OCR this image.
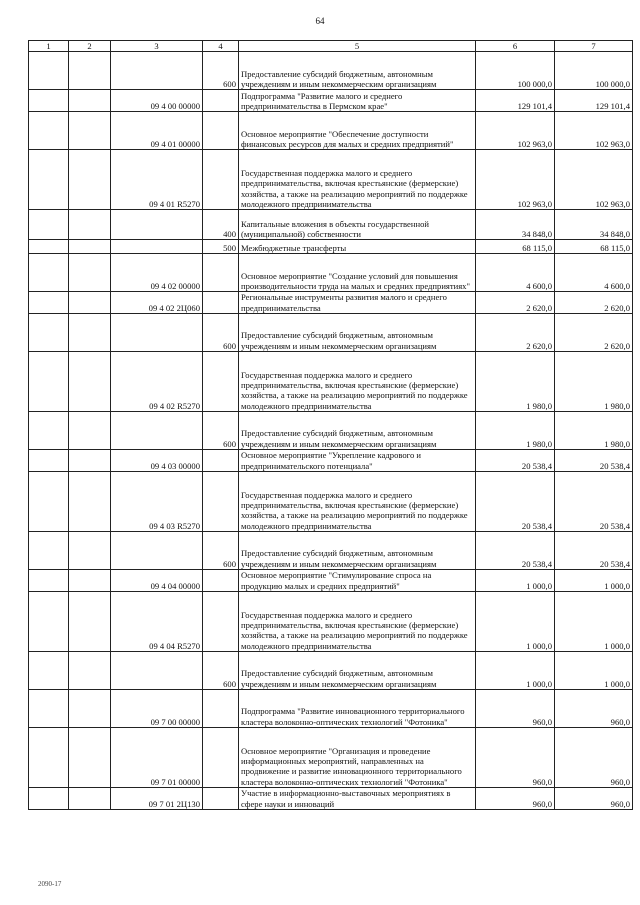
64
1	2	3	4	5	6	7
			600	Предоставление субсидий бюджетным, автономным учреждениям и иным некоммерческим организациям	100 000,0	100 000,0
		09 4 00 00000		Подпрограмма "Развитие малого и среднего предпринимательства в Пермском крае"	129 101,4	129 101,4
		09 4 01 00000		Основное мероприятие "Обеспечение доступности финансовых ресурсов для малых и средних предприятий"	102 963,0	102 963,0
		09 4 01 R5270		Государственная поддержка малого и среднего предпринимательства, включая крестьянские (фермерские) хозяйства, а также на реализацию мероприятий по поддержке молодежного предпринимательства	102 963,0	102 963,0
			400	Капитальные вложения в объекты государственной (муниципальной) собственности	34 848,0	34 848,0
			500	Межбюджетные трансферты	68 115,0	68 115,0
		09 4 02 00000		Основное мероприятие "Создание условий для повышения производительности труда на малых и средних предприятиях"	4 600,0	4 600,0
		09 4 02 2Ц060		Региональные инструменты развития малого и среднего предпринимательства	2 620,0	2 620,0
			600	Предоставление субсидий бюджетным, автономным учреждениям и иным некоммерческим организациям	2 620,0	2 620,0
		09 4 02 R5270		Государственная поддержка малого и среднего предпринимательства, включая крестьянские (фермерские) хозяйства, а также на реализацию мероприятий по поддержке молодежного предпринимательства	1 980,0	1 980,0
			600	Предоставление субсидий бюджетным, автономным учреждениям и иным некоммерческим организациям	1 980,0	1 980,0
		09 4 03 00000		Основное мероприятие "Укрепление кадрового и предпринимательского потенциала"	20 538,4	20 538,4
		09 4 03 R5270		Государственная поддержка малого и среднего предпринимательства, включая крестьянские (фермерские) хозяйства, а также на реализацию мероприятий по поддержке молодежного предпринимательства	20 538,4	20 538,4
			600	Предоставление субсидий бюджетным, автономным учреждениям и иным некоммерческим организациям	20 538,4	20 538,4
		09 4 04 00000		Основное мероприятие "Стимулирование спроса на продукцию малых и средних предприятий"	1 000,0	1 000,0
		09 4 04 R5270		Государственная поддержка малого и среднего предпринимательства, включая крестьянские (фермерские) хозяйства, а также на реализацию мероприятий по поддержке молодежного предпринимательства	1 000,0	1 000,0
			600	Предоставление субсидий бюджетным, автономным учреждениям и иным некоммерческим организациям	1 000,0	1 000,0
		09 7 00 00000		Подпрограмма "Развитие инновационного территориального кластера волоконно-оптических технологий "Фотоника"	960,0	960,0
		09 7 01 00000		Основное мероприятие "Организация и проведение информационных мероприятий, направленных на продвижение и развитие инновационного территориального кластера волоконно-оптических технологий "Фотоника"	960,0	960,0
		09 7 01 2Ц130		Участие в информационно-выставочных мероприятиях в сфере науки и инноваций	960,0	960,0
2090-17
